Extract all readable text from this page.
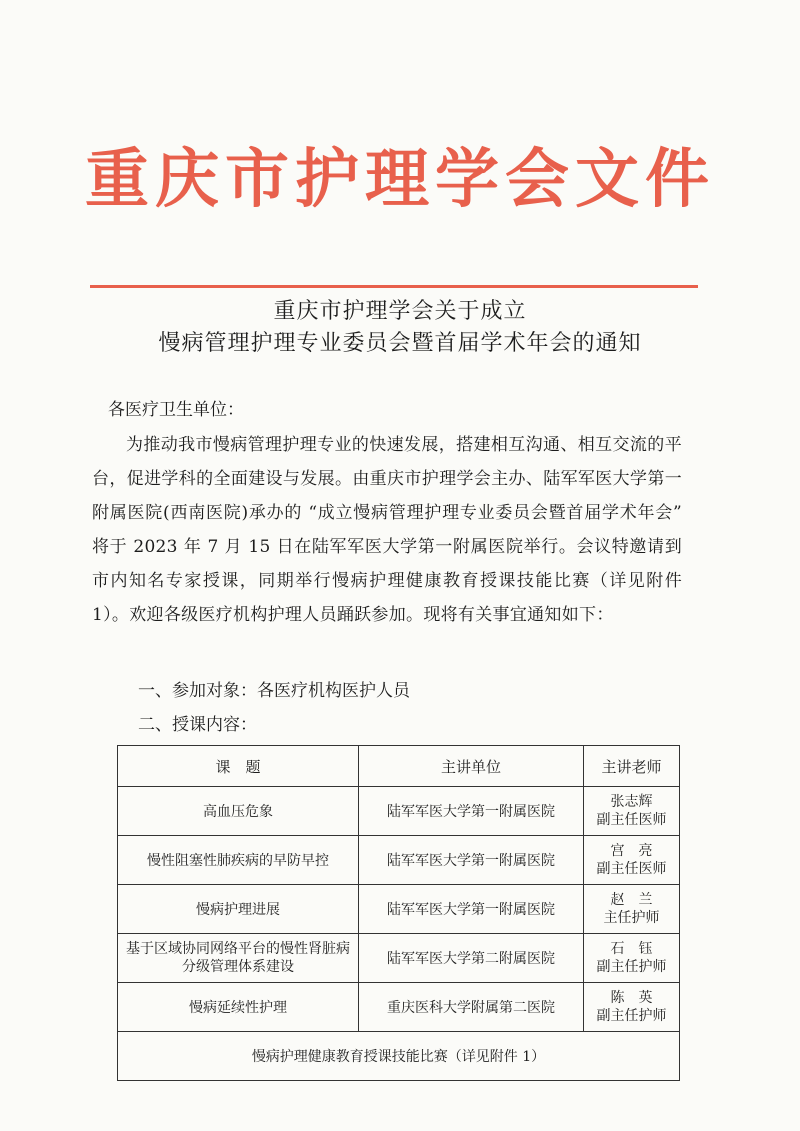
重庆市护理学会文件
重庆市护理学会关于成立
慢病管理护理专业委员会暨首届学术年会的通知
各医疗卫生单位：
为推动我市慢病管理护理专业的快速发展，搭建相互沟通、相互交流的平台，促进学科的全面建设与发展。由重庆市护理学会主办、陆军军医大学第一附属医院(西南医院)承办的 “成立慢病管理护理专业委员会暨首届学术年会” 将于 2023 年 7 月 15 日在陆军军医大学第一附属医院举行。会议特邀请到市内知名专家授课，同期举行慢病护理健康教育授课技能比赛（详见附件 1）。欢迎各级医疗机构护理人员踊跃参加。现将有关事宜通知如下：
一、参加对象：各医疗机构医护人员
二、授课内容：
课　题	主讲单位	主讲老师
高血压危象	陆军军医大学第一附属医院	张志辉
副主任医师

慢性阻塞性肺疾病的早防早控	陆军军医大学第一附属医院	宫　亮
副主任医师

慢病护理进展	陆军军医大学第一附属医院	赵　兰
主任护师

基于区域协同网络平台的慢性肾脏病分级管理体系建设	陆军军医大学第二附属医院	石　钰
副主任护师

慢病延续性护理	重庆医科大学附属第二医院	陈　英
副主任护师

慢病护理健康教育授课技能比赛（详见附件 1）		
